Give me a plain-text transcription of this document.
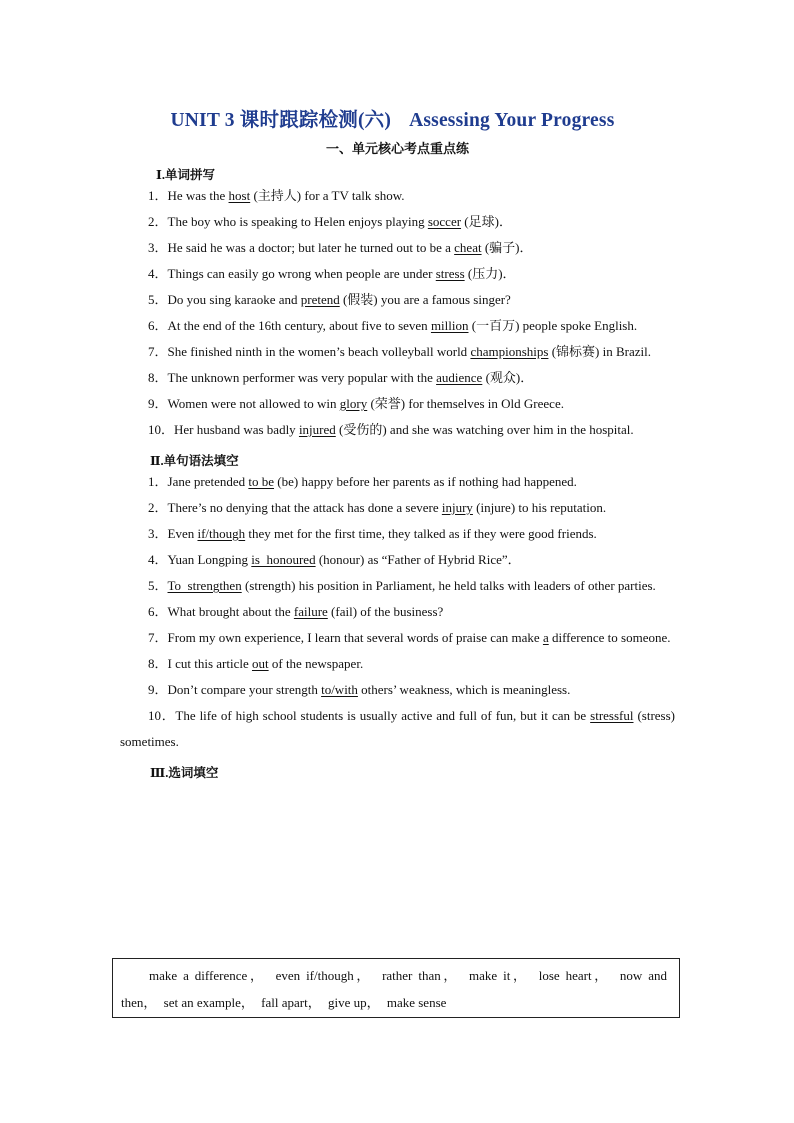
UNIT 3 课时跟踪检测(六) Assessing Your Progress
一、单元核心考点重点练
Ⅰ.单词拼写
1．He was the host (主持人) for a TV talk show.
2．The boy who is speaking to Helen enjoys playing soccer (足球)．
3．He said he was a doctor; but later he turned out to be a cheat (骗子)．
4．Things can easily go wrong when people are under stress (压力)．
5．Do you sing karaoke and pretend (假装) you are a famous singer?
6．At the end of the 16th century, about five to seven million (一百万) people spoke English.
7．She finished ninth in the women’s beach volleyball world championships (锦标赛) in Brazil.
8．The unknown performer was very popular with the audience (观众)．
9．Women were not allowed to win glory (荣誉) for themselves in Old Greece.
10．Her husband was badly injured (受伤的) and she was watching over him in the hospital.
Ⅱ.单句语法填空
1．Jane pretended to be (be) happy before her parents as if nothing had happened.
2．There’s no denying that the attack has done a severe injury (injure) to his reputation.
3．Even if/though they met for the first time, they talked as if they were good friends.
4．Yuan Longping is  honoured (honour) as “Father of Hybrid Rice”．
5．To  strengthen (strength) his position in Parliament, he held talks with leaders of other parties.
6．What brought about the failure (fail) of the business?
7．From my own experience, I learn that several words of praise can make a difference to someone.
8．I cut this article out of the newspaper.
9．Don’t compare your strength to/with others’ weakness, which is meaningless.
10．The life of high school students is usually active and full of fun, but it can be stressful (stress) sometimes.
Ⅲ.选词填空
make a difference， even if/though， rather than， make it， lose heart， now and
then， set an example， fall apart， give up， make sense
